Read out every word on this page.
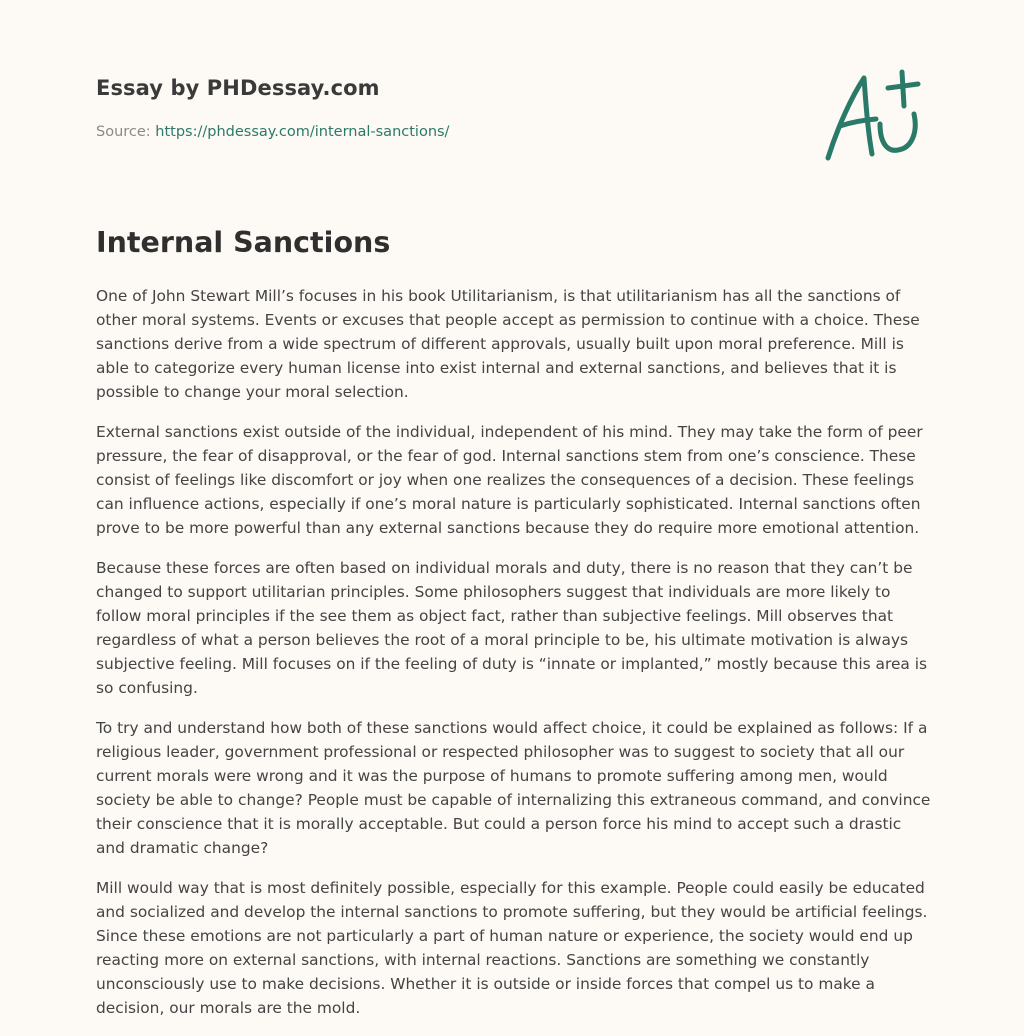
Essay by PHDessay.com
Source: https://phdessay.com/internal-sanctions/
Internal Sanctions

One of John Stewart Mill’s focuses in his book Utilitarianism, is that utilitarianism has all the sanctions of other moral systems. Events or excuses that people accept as permission to continue with a choice. These sanctions derive from a wide spectrum of different approvals, usually built upon moral preference. Mill is able to categorize every human license into exist internal and external sanctions, and believes that it is possible to change your moral selection.

External sanctions exist outside of the individual, independent of his mind. They may take the form of peer pressure, the fear of disapproval, or the fear of god. Internal sanctions stem from one’s conscience. These consist of feelings like discomfort or joy when one realizes the consequences of a decision. These feelings can influence actions, especially if one’s moral nature is particularly sophisticated. Internal sanctions often prove to be more powerful than any external sanctions because they do require more emotional attention.

Because these forces are often based on individual morals and duty, there is no reason that they can’t be changed to support utilitarian principles. Some philosophers suggest that individuals are more likely to follow moral principles if the see them as object fact, rather than subjective feelings. Mill observes that regardless of what a person believes the root of a moral principle to be, his ultimate motivation is always subjective feeling. Mill focuses on if the feeling of duty is “innate or implanted,” mostly because this area is so confusing.

To try and understand how both of these sanctions would affect choice, it could be explained as follows: If a religious leader, government professional or respected philosopher was to suggest to society that all our current morals were wrong and it was the purpose of humans to promote suffering among men, would society be able to change? People must be capable of internalizing this extraneous command, and convince their conscience that it is morally acceptable. But could a person force his mind to accept such a drastic and dramatic change?

Mill would way that is most definitely possible, especially for this example. People could easily be educated and socialized and develop the internal sanctions to promote suffering, but they would be artificial feelings. Since these emotions are not particularly a part of human nature or experience, the society would end up reacting more on external sanctions, with internal reactions. Sanctions are something we constantly unconsciously use to make decisions. Whether it is outside or inside forces that compel us to make a decision, our morals are the mold.
